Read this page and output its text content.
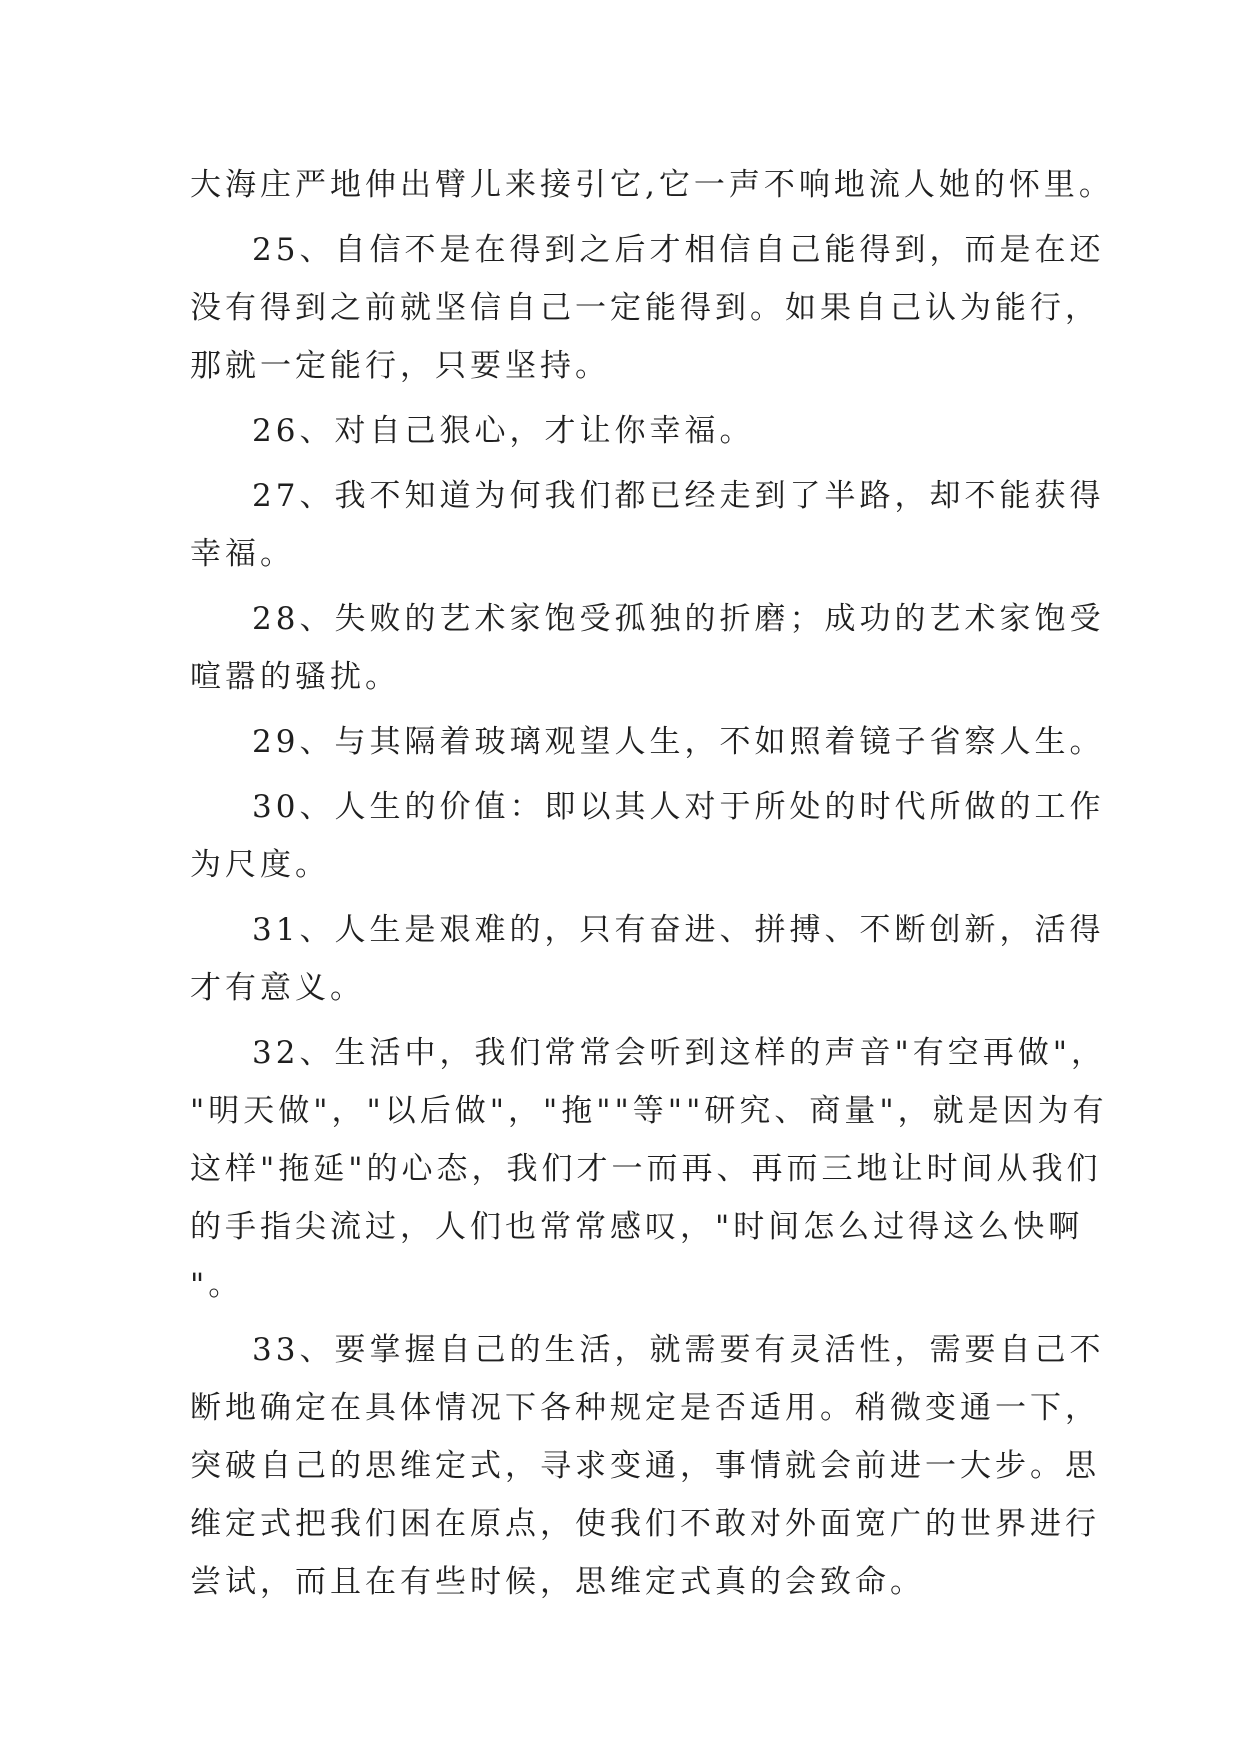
大海庄严地伸出臂儿来接引它,它一声不响地流人她的怀里。

25、自信不是在得到之后才相信自己能得到，而是在还
没有得到之前就坚信自己一定能得到。如果自己认为能行，
那就一定能行，只要坚持。

26、对自己狠心，才让你幸福。

27、我不知道为何我们都已经走到了半路，却不能获得
幸福。

28、失败的艺术家饱受孤独的折磨；成功的艺术家饱受
喧嚣的骚扰。

29、与其隔着玻璃观望人生，不如照着镜子省察人生。

30、人生的价值：即以其人对于所处的时代所做的工作
为尺度。

31、人生是艰难的，只有奋进、拼搏、不断创新，活得
才有意义。

32、生活中，我们常常会听到这样的声音"有空再做"，
"明天做"，"以后做"，"拖""等""研究、商量"，就是因为有
这样"拖延"的心态，我们才一而再、再而三地让时间从我们
的手指尖流过，人们也常常感叹，"时间怎么过得这么快啊
"。

33、要掌握自己的生活，就需要有灵活性，需要自己不
断地确定在具体情况下各种规定是否适用。稍微变通一下，
突破自己的思维定式，寻求变通，事情就会前进一大步。思
维定式把我们困在原点，使我们不敢对外面宽广的世界进行
尝试，而且在有些时候，思维定式真的会致命。
